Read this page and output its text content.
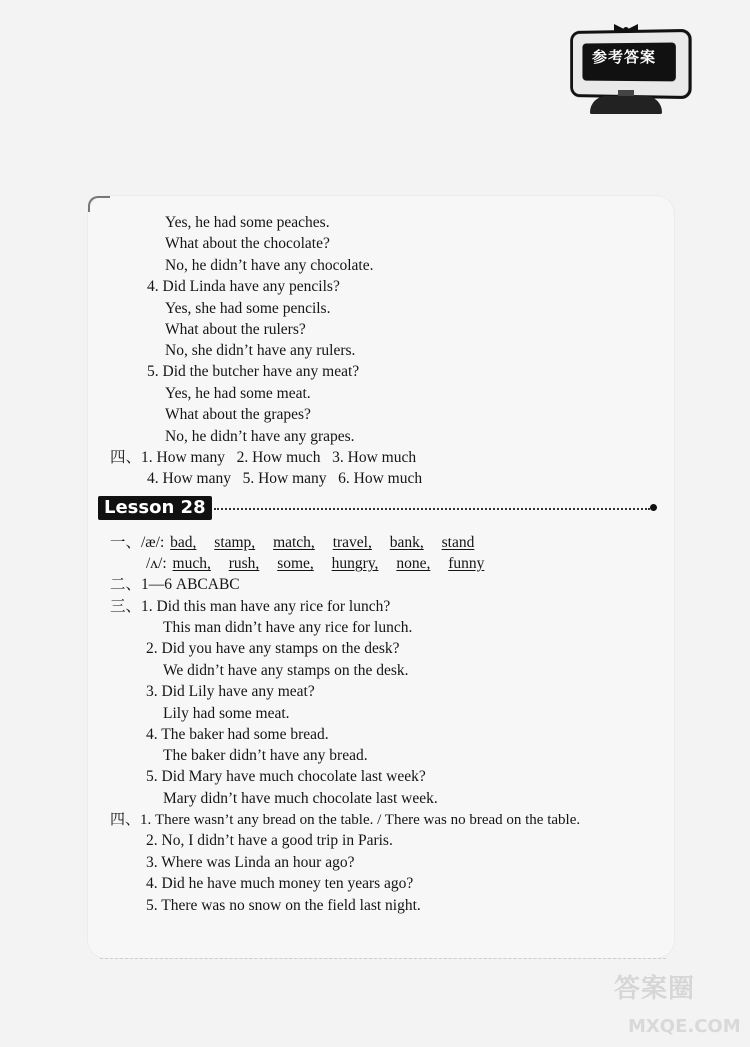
参考答案
Yes, he had some peaches.
What about the chocolate?
No, he didn’t have any chocolate.
4. Did Linda have any pencils?
Yes, she had some pencils.
What about the rulers?
No, she didn’t have any rulers.
5. Did the butcher have any meat?
Yes, he had some meat.
What about the grapes?
No, he didn’t have any grapes.
四、1. How many   2. How much   3. How much
4. How many   5. How many   6. How much
Lesson 28
一、/æ/: bad, stamp, match, travel, bank, stand
/ʌ/: much, rush, some, hungry, none, funny
二、1—6 ABCABC
三、1. Did this man have any rice for lunch?
This man didn’t have any rice for lunch.
2. Did you have any stamps on the desk?
We didn’t have any stamps on the desk.
3. Did Lily have any meat?
Lily had some meat.
4. The baker had some bread.
The baker didn’t have any bread.
5. Did Mary have much chocolate last week?
Mary didn’t have much chocolate last week.
四、1. There wasn’t any bread on the table. / There was no bread on the table.
2. No, I didn’t have a good trip in Paris.
3. Where was Linda an hour ago?
4. Did he have much money ten years ago?
5. There was no snow on the field last night.
答案圈
MXQE.COM
